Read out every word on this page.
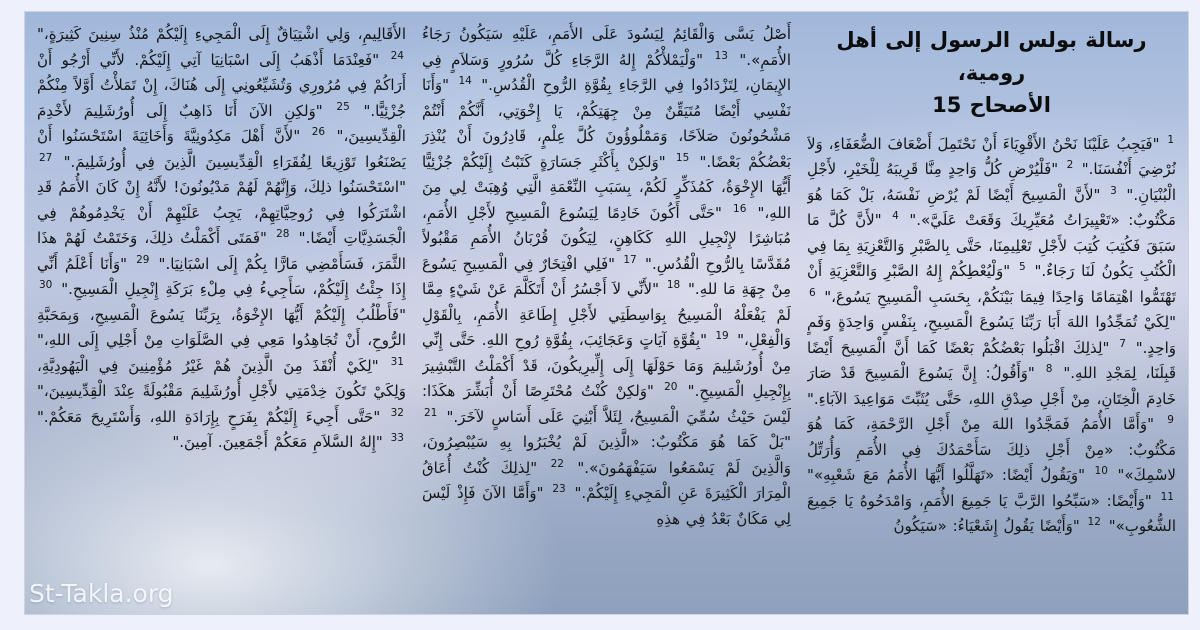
رسالة بولس الرسول إلى أهل رومية،
الأصحاح 15
$^1$ "فَيَجِبُ عَلَيْنَا نَحْنُ الأَقْوِيَاءَ أَنْ نَحْتَمِلَ أَضْعَافَ الضُّعَفَاءِ، وَلاَ نُرْضِيَ أَنْفُسَنَا." $^2$ "فَلْيُرْضِ كُلُّ وَاحِدٍ مِنَّا قَرِيبَهُ لِلْخَيْرِ، لأَجْلِ الْبُنْيَانِ." $^3$ "لأَنَّ الْمَسِيحَ أَيْضًا لَمْ يُرْضِ نَفْسَهُ، بَلْ كَمَا هُوَ مَكْتُوبٌ: «تَعْيِيرَاتُ مُعَيِّرِيكَ وَقَعَتْ عَلَيَّ»." $^4$ "لأَنَّ كُلَّ مَا سَبَقَ فَكُتِبَ كُتِبَ لأَجْلِ تَعْلِيمِنَا، حَتَّى بِالصَّبْرِ وَالتَّعْزِيَةِ بِمَا فِي الْكُتُبِ يَكُونُ لَنَا رَجَاءٌ." $^5$ "وَلْيُعْطِكُمْ إِلهُ الصَّبْرِ وَالتَّعْزِيَةِ أَنْ تَهْتَمُّوا اهْتِمَامًا وَاحِدًا فِيمَا بَيْنَكُمْ، بِحَسَبِ الْمَسِيحِ يَسُوعَ،" $^6$ "لِكَيْ تُمَجِّدُوا اللهَ أَبَا رَبِّنَا يَسُوعَ الْمَسِيحِ، بِنَفْسٍ وَاحِدَةٍ وَفَمٍ وَاحِدٍ." $^7$ "لِذلِكَ اقْبَلُوا بَعْضُكُمْ بَعْضًا كَمَا أَنَّ الْمَسِيحَ أَيْضًا قَبِلَنَا، لِمَجْدِ اللهِ." $^8$ "وَأَقُولُ: إِنَّ يَسُوعَ الْمَسِيحَ قَدْ صَارَ خَادِمَ الْخِتَانِ، مِنْ أَجْلِ صِدْقِ اللهِ، حَتَّى يُثَبِّتَ مَوَاعِيدَ الآبَاءِ." $^9$ "وَأَمَّا الأُمَمُ فَمَجَّدُوا اللهَ مِنْ أَجْلِ الرَّحْمَةِ، كَمَا هُوَ مَكْتُوبٌ: «مِنْ أَجْلِ ذلِكَ سَأَحْمَدُكَ فِي الأُمَمِ وَأُرَتِّلُ لاسْمِكَ»" $^{10}$ "وَيَقُولُ أَيْضًا: «تَهَلَّلُوا أَيُّهَا الأُمَمُ مَعَ شَعْبِهِ»" $^{11}$ "وَأَيْضًا: «سَبِّحُوا الرَّبَّ يَا جَمِيعَ الأُمَمِ، وَامْدَحُوهُ يَا جَمِيعَ الشُّعُوبِ»" $^{12}$ "وَأَيْضًا يَقُولُ إِشَعْيَاءُ: «سَيَكُونُ
أَصْلُ يَسَّى وَالْقَائِمُ لِيَسُودَ عَلَى الأُمَمِ، عَلَيْهِ سَيَكُونُ رَجَاءُ الأُمَمِ»." $^{13}$ "وَلْيَمْلأْكُمْ إِلهُ الرَّجَاءِ كُلَّ سُرُورٍ وَسَلاَمٍ فِي الإِيمَانِ، لِتَزْدَادُوا فِي الرَّجَاءِ بِقُوَّةِ الرُّوحِ الْقُدُسِ." $^{14}$ "وَأَنَا نَفْسِي أَيْضًا مُتَيَقِّنٌ مِنْ جِهَتِكُمْ، يَا إِخْوَتِي، أَنَّكُمْ أَنْتُمْ مَشْحُونُونَ صَلاَحًا، وَمَمْلُوؤُونَ كُلَّ عِلْمٍ، قَادِرُونَ أَنْ يُنْذِرَ بَعْضُكُمْ بَعْضًا." $^{15}$ "وَلكِنْ بِأَكْثَرِ جَسَارَةٍ كَتَبْتُ إِلَيْكُمْ جُزْئِيًّا أَيُّهَا الإِخْوَةُ، كَمُذَكِّرٍ لَكُمْ، بِسَبَبِ النِّعْمَةِ الَّتِي وُهِبَتْ لِي مِنَ اللهِ،" $^{16}$ "حَتَّى أَكُونَ خَادِمًا لِيَسُوعَ الْمَسِيحِ لأَجْلِ الأُمَمِ، مُبَاشِرًا لإِنْجِيلِ اللهِ كَكَاهِنٍ، لِيَكُونَ قُرْبَانُ الأُمَمِ مَقْبُولاً مُقَدَّسًا بِالرُّوحِ الْقُدُسِ." $^{17}$ "فَلِي افْتِخَارٌ فِي الْمَسِيحِ يَسُوعَ مِنْ جِهَةِ مَا للهِ." $^{18}$ "لأَنِّي لاَ أَجْسُرُ أَنْ أَتَكَلَّمَ عَنْ شَيْءٍ مِمَّا لَمْ يَفْعَلْهُ الْمَسِيحُ بِوَاسِطَتِي لأَجْلِ إِطَاعَةِ الأُمَمِ، بِالْقَوْلِ وَالْفِعْلِ،" $^{19}$ "بِقُوَّةِ آيَاتٍ وَعَجَائِبَ، بِقُوَّةِ رُوحِ اللهِ. حَتَّى إِنِّي مِنْ أُورُشَلِيمَ وَمَا حَوْلَهَا إِلَى إِلِّيرِيكُونَ، قَدْ أَكْمَلْتُ التَّبْشِيرَ بِإِنْجِيلِ الْمَسِيحِ." $^{20}$ "وَلكِنْ كُنْتُ مُحْتَرِصًا أَنْ أُبَشِّرَ هكَذَا: لَيْسَ حَيْثُ سُمِّيَ الْمَسِيحُ، لِئَلاَّ أَبْنِيَ عَلَى أَسَاسٍ لآخَرَ." $^{21}$ "بَلْ كَمَا هُوَ مَكْتُوبٌ: «الَّذِينَ لَمْ يُخْبَرُوا بِهِ سَيُبْصِرُونَ، وَالَّذِينَ لَمْ يَسْمَعُوا سَيَفْهَمُونَ»." $^{22}$ "لِذلِكَ كُنْتُ أُعَاقُ الْمِرَارَ الْكَثِيرَةَ عَنِ الْمَجِيءِ إِلَيْكُمْ." $^{23}$ "وَأَمَّا الآنَ فَإِذْ لَيْسَ لِي مَكَانٌ بَعْدُ فِي هذِهِ
الأَقَالِيمِ، وَلِي اشْتِيَاقٌ إِلَى الْمَجِيءِ إِلَيْكُمْ مُنْذُ سِنِينَ كَثِيرَةٍ،" $^{24}$ "فَعِنْدَمَا أَذْهَبُ إِلَى اسْبَانِيَا آتِي إِلَيْكُمْ. لأَنِّي أَرْجُو أَنْ أَرَاكُمْ فِي مُرُورِي وَتُشَيِّعُونِي إِلَى هُنَاكَ، إِنْ تَمَلأْتُ أَوَّلاً مِنْكُمْ جُزْئِيًّا." $^{25}$ "وَلكِنِ الآنَ أَنَا ذَاهِبٌ إِلَى أُورُشَلِيمَ لأَخْدِمَ الْقِدِّيسِينَ،" $^{26}$ "لأَنَّ أَهْلَ مَكِدُونِيَّةَ وَأَخَائِيَةَ اسْتَحْسَنُوا أَنْ يَصْنَعُوا تَوْزِيعًا لِفُقَرَاءِ الْقِدِّيسِينَ الَّذِينَ فِي أُورُشَلِيمَ." $^{27}$ "اسْتَحْسَنُوا ذلِكَ، وَإِنَّهُمْ لَهُمْ مَدْيُونُونَ! لأَنَّهُ إِنْ كَانَ الأُمَمُ قَدِ اشْتَرَكُوا فِي رُوحِيَّاتِهِمْ، يَجِبُ عَلَيْهِمْ أَنْ يَخْدِمُوهُمْ فِي الْجَسَدِيَّاتِ أَيْضًا." $^{28}$ "فَمَتَى أَكْمَلْتُ ذلِكَ، وَخَتَمْتُ لَهُمْ هذَا الثَّمَرَ، فَسَأَمْضِي مَارًّا بِكُمْ إِلَى اسْبَانِيَا." $^{29}$ "وَأَنَا أَعْلَمُ أَنِّي إِذَا جِئْتُ إِلَيْكُمْ، سَأَجِيءُ فِي مِلْءِ بَرَكَةِ إِنْجِيلِ الْمَسِيحِ." $^{30}$ "فَأَطْلُبُ إِلَيْكُمْ أَيُّهَا الإِخْوَةُ، بِرَبِّنَا يَسُوعَ الْمَسِيحِ، وَبِمَحَبَّةِ الرُّوحِ، أَنْ تُجَاهِدُوا مَعِي فِي الصَّلَوَاتِ مِنْ أَجْلِي إِلَى اللهِ،" $^{31}$ "لِكَيْ أُنْقَذَ مِنَ الَّذِينَ هُمْ غَيْرُ مُؤْمِنِينَ فِي الْيَهُودِيَّةِ، وَلِكَيْ تَكُونَ خِدْمَتِي لأَجْلِ أُورُشَلِيمَ مَقْبُولَةً عِنْدَ الْقِدِّيسِينَ،" $^{32}$ "حَتَّى أَجِيءَ إِلَيْكُمْ بِفَرَحٍ بِإِرَادَةِ اللهِ، وَأَسْتَرِيحَ مَعَكُمْ." $^{33}$ "إِلهُ السَّلاَمِ مَعَكُمْ أَجْمَعِينَ. آمِينَ."
St-Takla.org
